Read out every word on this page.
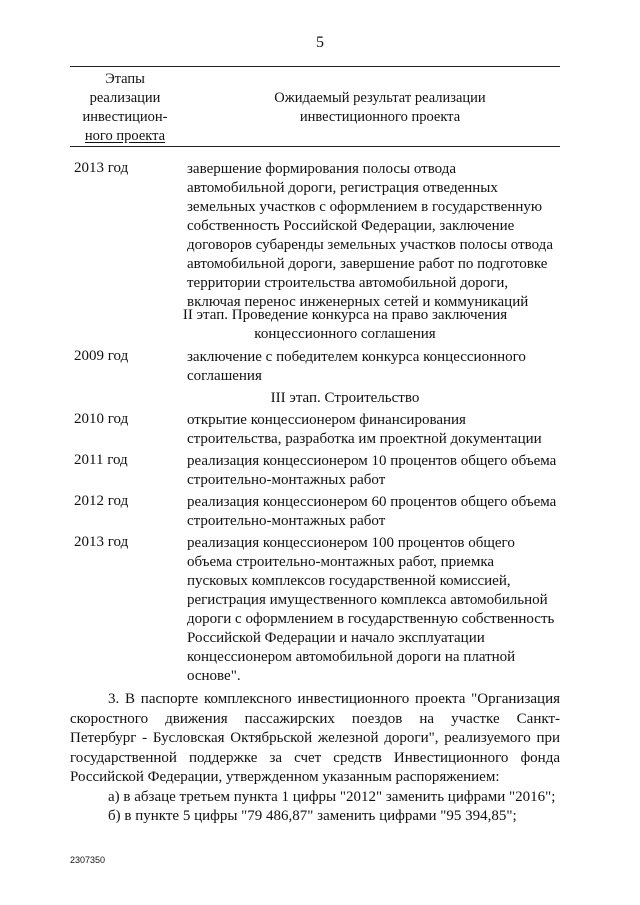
5
Этапы
реализации
инвестицион-
ного проекта
Ожидаемый результат реализации
инвестиционного проекта
2013 год	завершение формирования полосы отвода
автомобильной дороги, регистрация отведенных
земельных участков с оформлением в государственную
собственность Российской Федерации, заключение
договоров субаренды земельных участков полосы отвода
автомобильной дороги, завершение работ по подготовке
территории строительства автомобильной дороги,
включая перенос инженерных сетей и коммуникаций
II этап. Проведение конкурса на право заключения
концессионного соглашения
2009 год	заключение с победителем конкурса концессионного
соглашения
III этап. Строительство
2010 год	открытие концессионером финансирования
строительства, разработка им проектной документации
2011 год	реализация концессионером 10 процентов общего объема
строительно-монтажных работ
2012 год	реализация концессионером 60 процентов общего объема
строительно-монтажных работ
2013 год	реализация концессионером 100 процентов общего
объема строительно-монтажных работ, приемка
пусковых комплексов государственной комиссией,
регистрация имущественного комплекса автомобильной
дороги с оформлением в государственную собственность
Российской Федерации и начало эксплуатации
концессионером автомобильной дороги на платной
основе".
3. В паспорте комплексного инвестиционного проекта "Организация
скоростного движения пассажирских поездов на участке Санкт-
Петербург - Бусловская Октябрьской железной дороги", реализуемого при
государственной поддержке за счет средств Инвестиционного фонда
Российской Федерации, утвержденном указанным распоряжением:
а) в абзаце третьем пункта 1 цифры "2012" заменить цифрами "2016";
б) в пункте 5 цифры "79 486,87" заменить цифрами "95 394,85";
2307350
